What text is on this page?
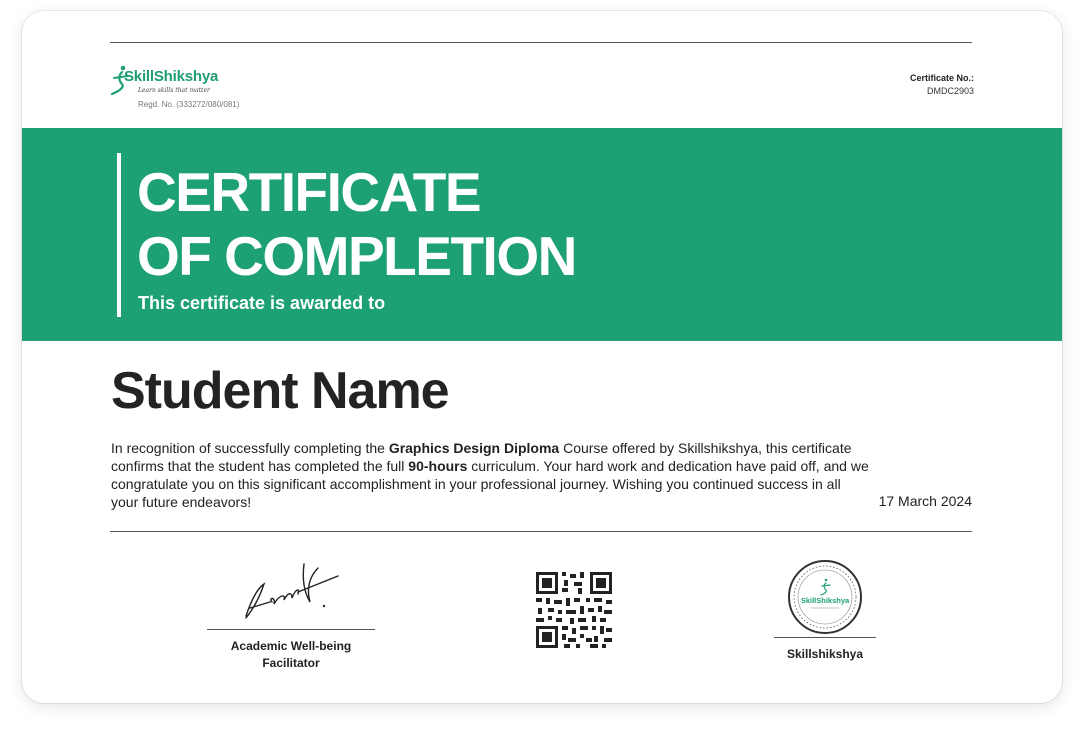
SkillShikshya
Learn skills that matter
Regd. No. (333272/080/081)
Certificate No.:
DMDC2903
CERTIFICATE
OF COMPLETION
This certificate is awarded to
Student Name

In recognition of successfully completing the Graphics Design Diploma Course offered by Skillshikshya, this certificate confirms that the student has completed the full 90-hours curriculum. Your hard work and dedication have paid off, and we congratulate you on this significant accomplishment in your professional journey. Wishing you continued success in all your future endeavors!	17 March 2024
Academic Well-being
Facilitator
SkillShikshya
Skillshikshya
